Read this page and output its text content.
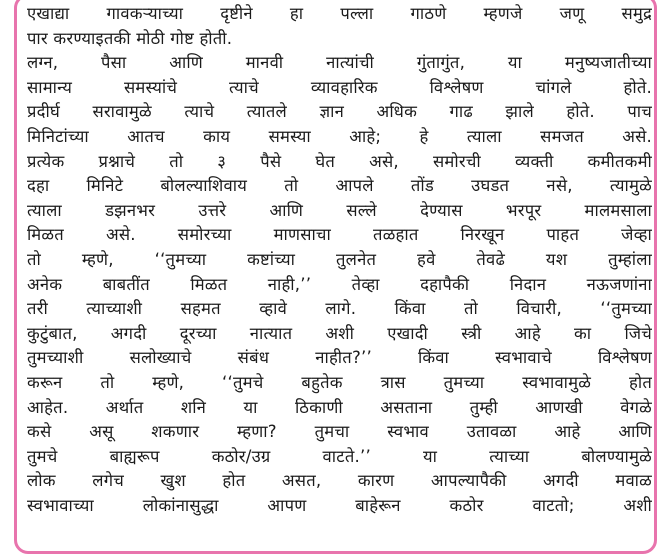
एखाद्या गावकऱ्याच्या दृष्टीने हा पल्ला गाठणे म्हणजे जणू समुद्र
पार करण्याइतकी मोठी गोष्ट होती.
लग्न, पैसा आणि मानवी नात्यांची गुंतागुंत, या मनुष्यजातीच्या
सामान्य समस्यांचे त्याचे व्यावहारिक विश्लेषण चांगले होते.
प्रदीर्घ सरावामुळे त्याचे त्यातले ज्ञान अधिक गाढ झाले होते. पाच
मिनिटांच्या आतच काय समस्या आहे; हे त्याला समजत असे.
प्रत्येक प्रश्नाचे तो ३ पैसे घेत असे, समोरची व्यक्ती कमीतकमी
दहा मिनिटे बोलल्याशिवाय तो आपले तोंड उघडत नसे, त्यामुळे
त्याला डझनभर उत्तरे आणि सल्ले देण्यास भरपूर मालमसाला
मिळत असे. समोरच्या माणसाचा तळहात निरखून पाहत जेव्हा
तो म्हणे, ‘‘तुमच्या कष्टांच्या तुलनेत हवे तेवढे यश तुम्हांला
अनेक बाबतींत मिळत नाही,’’ तेव्हा दहापैकी निदान नऊजणांना
तरी त्याच्याशी सहमत व्हावे लागे. किंवा तो विचारी, ‘‘तुमच्या
कुटुंबात, अगदी दूरच्या नात्यात अशी एखादी स्त्री आहे का जिचे
तुमच्याशी सलोख्याचे संबंध नाहीत?’’ किंवा स्वभावाचे विश्लेषण
करून तो म्हणे, ‘‘तुमचे बहुतेक त्रास तुमच्या स्वभावामुळे होत
आहेत. अर्थात शनि या ठिकाणी असताना तुम्ही आणखी वेगळे
कसे असू शकणार म्हणा? तुमचा स्वभाव उतावळा आहे आणि
तुमचे बाह्यरूप कठोर/उग्र वाटते.’’ या त्याच्या बोलण्यामुळे
लोक लगेच खुश होत असत, कारण आपल्यापैकी अगदी मवाळ
स्वभावाच्या लोकांनासुद्धा आपण बाहेरून कठोर वाटतो; अशी
